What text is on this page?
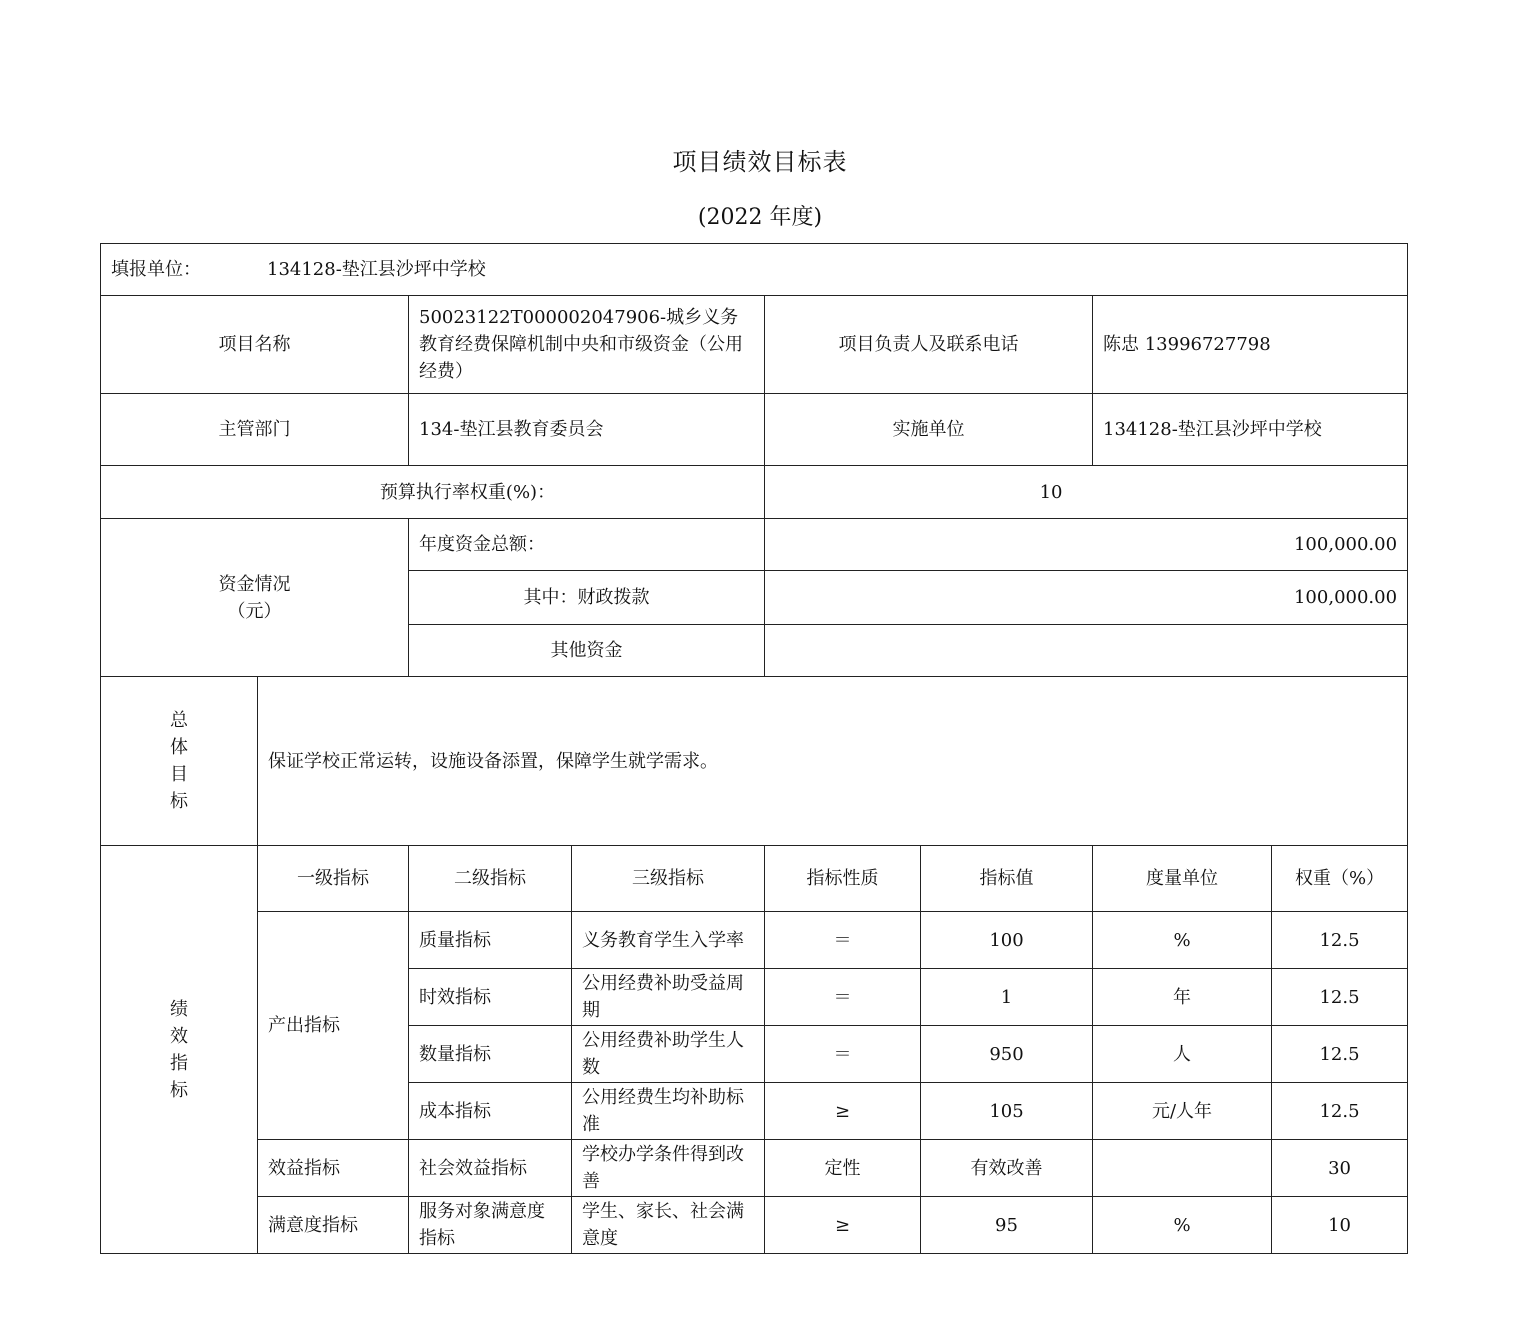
项目绩效目标表
(2022 年度)
填报单位： 134128-垫江县沙坪中学校							
项目名称		50023122T000002047906-城乡义务教育经费保障机制中央和市级资金（公用经费）		项目负责人及联系电话		陈忠 13996727798	
主管部门		134-垫江县教育委员会		实施单位		134128-垫江县沙坪中学校	
预算执行率权重(%)：				10			

资金情况
（元）		年度资金总额：		100,000.00			
		其中：财政拨款		100,000.00			
		其他资金					

总
体
目
标	保证学校正常运转，设施设备添置，保障学生就学需求。						

绩
效
指
标	一级指标	二级指标	三级指标	指标性质	指标值	度量单位	权重（%）
	产出指标	质量指标	义务教育学生入学率	＝	100	%	12.5
		时效指标	公用经费补助受益周期	＝	1	年	12.5
		数量指标	公用经费补助学生人数	＝	950	人	12.5
		成本指标	公用经费生均补助标准	≥	105	元/人年	12.5
	效益指标	社会效益指标	学校办学条件得到改善	定性	有效改善		30
	满意度指标	服务对象满意度指标	学生、家长、社会满意度	≥	95	%	10
